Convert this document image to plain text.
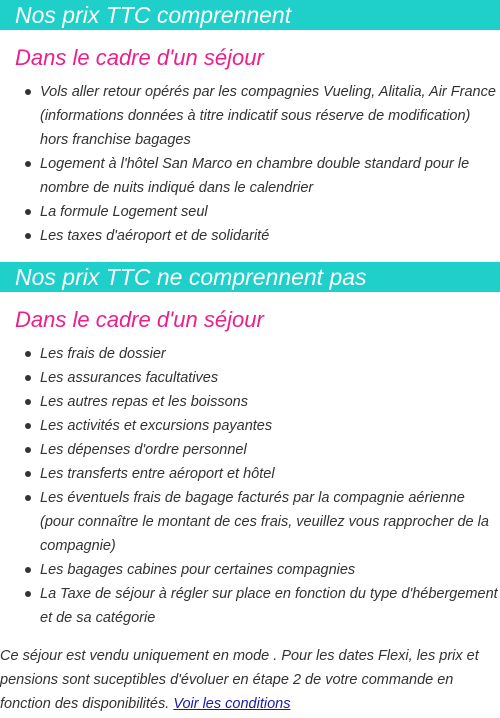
Nos prix TTC comprennent
Dans le cadre d'un séjour
Vols aller retour opérés par les compagnies Vueling, Alitalia, Air France (informations données à titre indicatif sous réserve de modification) hors franchise bagages
Logement à l'hôtel San Marco en chambre double standard pour le nombre de nuits indiqué dans le calendrier
La formule Logement seul
Les taxes d'aéroport et de solidarité
Nos prix TTC ne comprennent pas
Dans le cadre d'un séjour
Les frais de dossier
Les assurances facultatives
Les autres repas et les boissons
Les activités et excursions payantes
Les dépenses d'ordre personnel
Les transferts entre aéroport et hôtel
Les éventuels frais de bagage facturés par la compagnie aérienne (pour connaître le montant de ces frais, veuillez vous rapprocher de la compagnie)
Les bagages cabines pour certaines compagnies
La Taxe de séjour à régler sur place en fonction du type d'hébergement et de sa catégorie
Ce séjour est vendu uniquement en mode . Pour les dates Flexi, les prix et pensions sont suceptibles d'évoluer en étape 2 de votre commande en fonction des disponibilités. Voir les conditions
